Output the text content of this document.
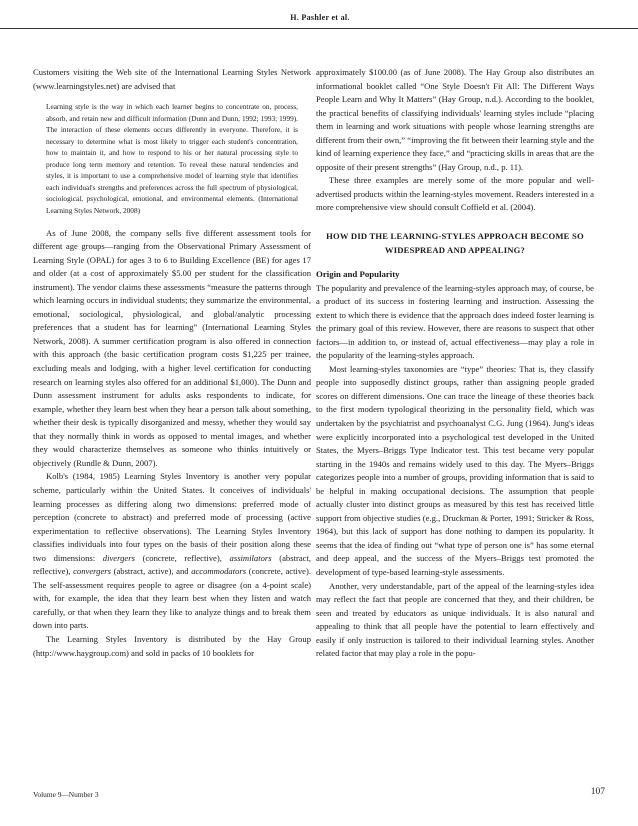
H. Pashler et al.

Customers visiting the Web site of the International Learning Styles Network (www.learningstyles.net) are advised that

Learning style is the way in which each learner begins to concentrate on, process, absorb, and retain new and difficult information (Dunn and Dunn, 1992; 1993; 1999). The interaction of these elements occurs differently in everyone. Therefore, it is necessary to determine what is most likely to trigger each student's concentration, how to maintain it, and how to respond to his or her natural processing style to produce long term memory and retention. To reveal these natural tendencies and styles, it is important to use a comprehensive model of learning style that identifies each individual's strengths and preferences across the full spectrum of physiological, sociological, psychological, emotional, and environmental elements. (International Learning Styles Network, 2008)

As of June 2008, the company sells five different assessment tools for different age groups—ranging from the Observational Primary Assessment of Learning Style (OPAL) for ages 3 to 6 to Building Excellence (BE) for ages 17 and older (at a cost of approximately $5.00 per student for the classification instrument). The vendor claims these assessments “measure the patterns through which learning occurs in individual students; they summarize the environmental, emotional, sociological, physiological, and global/analytic processing preferences that a student has for learning” (International Learning Styles Network, 2008). A summer certification program is also offered in connection with this approach (the basic certification program costs $1,225 per trainee, excluding meals and lodging, with a higher level certification for conducting research on learning styles also offered for an additional $1,000). The Dunn and Dunn assessment instrument for adults asks respondents to indicate, for example, whether they learn best when they hear a person talk about something, whether their desk is typically disorganized and messy, whether they would say that they normally think in words as opposed to mental images, and whether they would characterize themselves as someone who thinks intuitively or objectively (Rundle & Dunn, 2007).

Kolb's (1984, 1985) Learning Styles Inventory is another very popular scheme, particularly within the United States. It conceives of individuals' learning processes as differing along two dimensions: preferred mode of perception (concrete to abstract) and preferred mode of processing (active experimentation to reflective observations). The Learning Styles Inventory classifies individuals into four types on the basis of their position along these two dimensions: divergers (concrete, reflective), assimilators (abstract, reflective), convergers (abstract, active), and accommodators (concrete, active). The self-assessment requires people to agree or disagree (on a 4-point scale) with, for example, the idea that they learn best when they listen and watch carefully, or that when they learn they like to analyze things and to break them down into parts.

The Learning Styles Inventory is distributed by the Hay Group (http://www.haygroup.com) and sold in packs of 10 booklets for

approximately $100.00 (as of June 2008). The Hay Group also distributes an informational booklet called “One Style Doesn't Fit All: The Different Ways People Learn and Why It Matters” (Hay Group, n.d.). According to the booklet, the practical benefits of classifying individuals' learning styles include “placing them in learning and work situations with people whose learning strengths are different from their own,” “improving the fit between their learning style and the kind of learning experience they face,” and “practicing skills in areas that are the opposite of their present strengths” (Hay Group, n.d., p. 11).

These three examples are merely some of the more popular and well-advertised products within the learning-styles movement. Readers interested in a more comprehensive view should consult Coffield et al. (2004).

HOW DID THE LEARNING-STYLES APPROACH BECOME SO WIDESPREAD AND APPEALING?
Origin and Popularity

The popularity and prevalence of the learning-styles approach may, of course, be a product of its success in fostering learning and instruction. Assessing the extent to which there is evidence that the approach does indeed foster learning is the primary goal of this review. However, there are reasons to suspect that other factors—in addition to, or instead of, actual effectiveness—may play a role in the popularity of the learning-styles approach.

Most learning-styles taxonomies are “type” theories: That is, they classify people into supposedly distinct groups, rather than assigning people graded scores on different dimensions. One can trace the lineage of these theories back to the first modern typological theorizing in the personality field, which was undertaken by the psychiatrist and psychoanalyst C.G. Jung (1964). Jung's ideas were explicitly incorporated into a psychological test developed in the United States, the Myers–Briggs Type Indicator test. This test became very popular starting in the 1940s and remains widely used to this day. The Myers–Briggs categorizes people into a number of groups, providing information that is said to be helpful in making occupational decisions. The assumption that people actually cluster into distinct groups as measured by this test has received little support from objective studies (e.g., Druckman & Porter, 1991; Stricker & Ross, 1964), but this lack of support has done nothing to dampen its popularity. It seems that the idea of finding out “what type of person one is” has some eternal and deep appeal, and the success of the Myers–Briggs test promoted the development of type-based learning-style assessments.

Another, very understandable, part of the appeal of the learning-styles idea may reflect the fact that people are concerned that they, and their children, be seen and treated by educators as unique individuals. It is also natural and appealing to think that all people have the potential to learn effectively and easily if only instruction is tailored to their individual learning styles. Another related factor that may play a role in the popu-

Volume 9—Number 3	107
